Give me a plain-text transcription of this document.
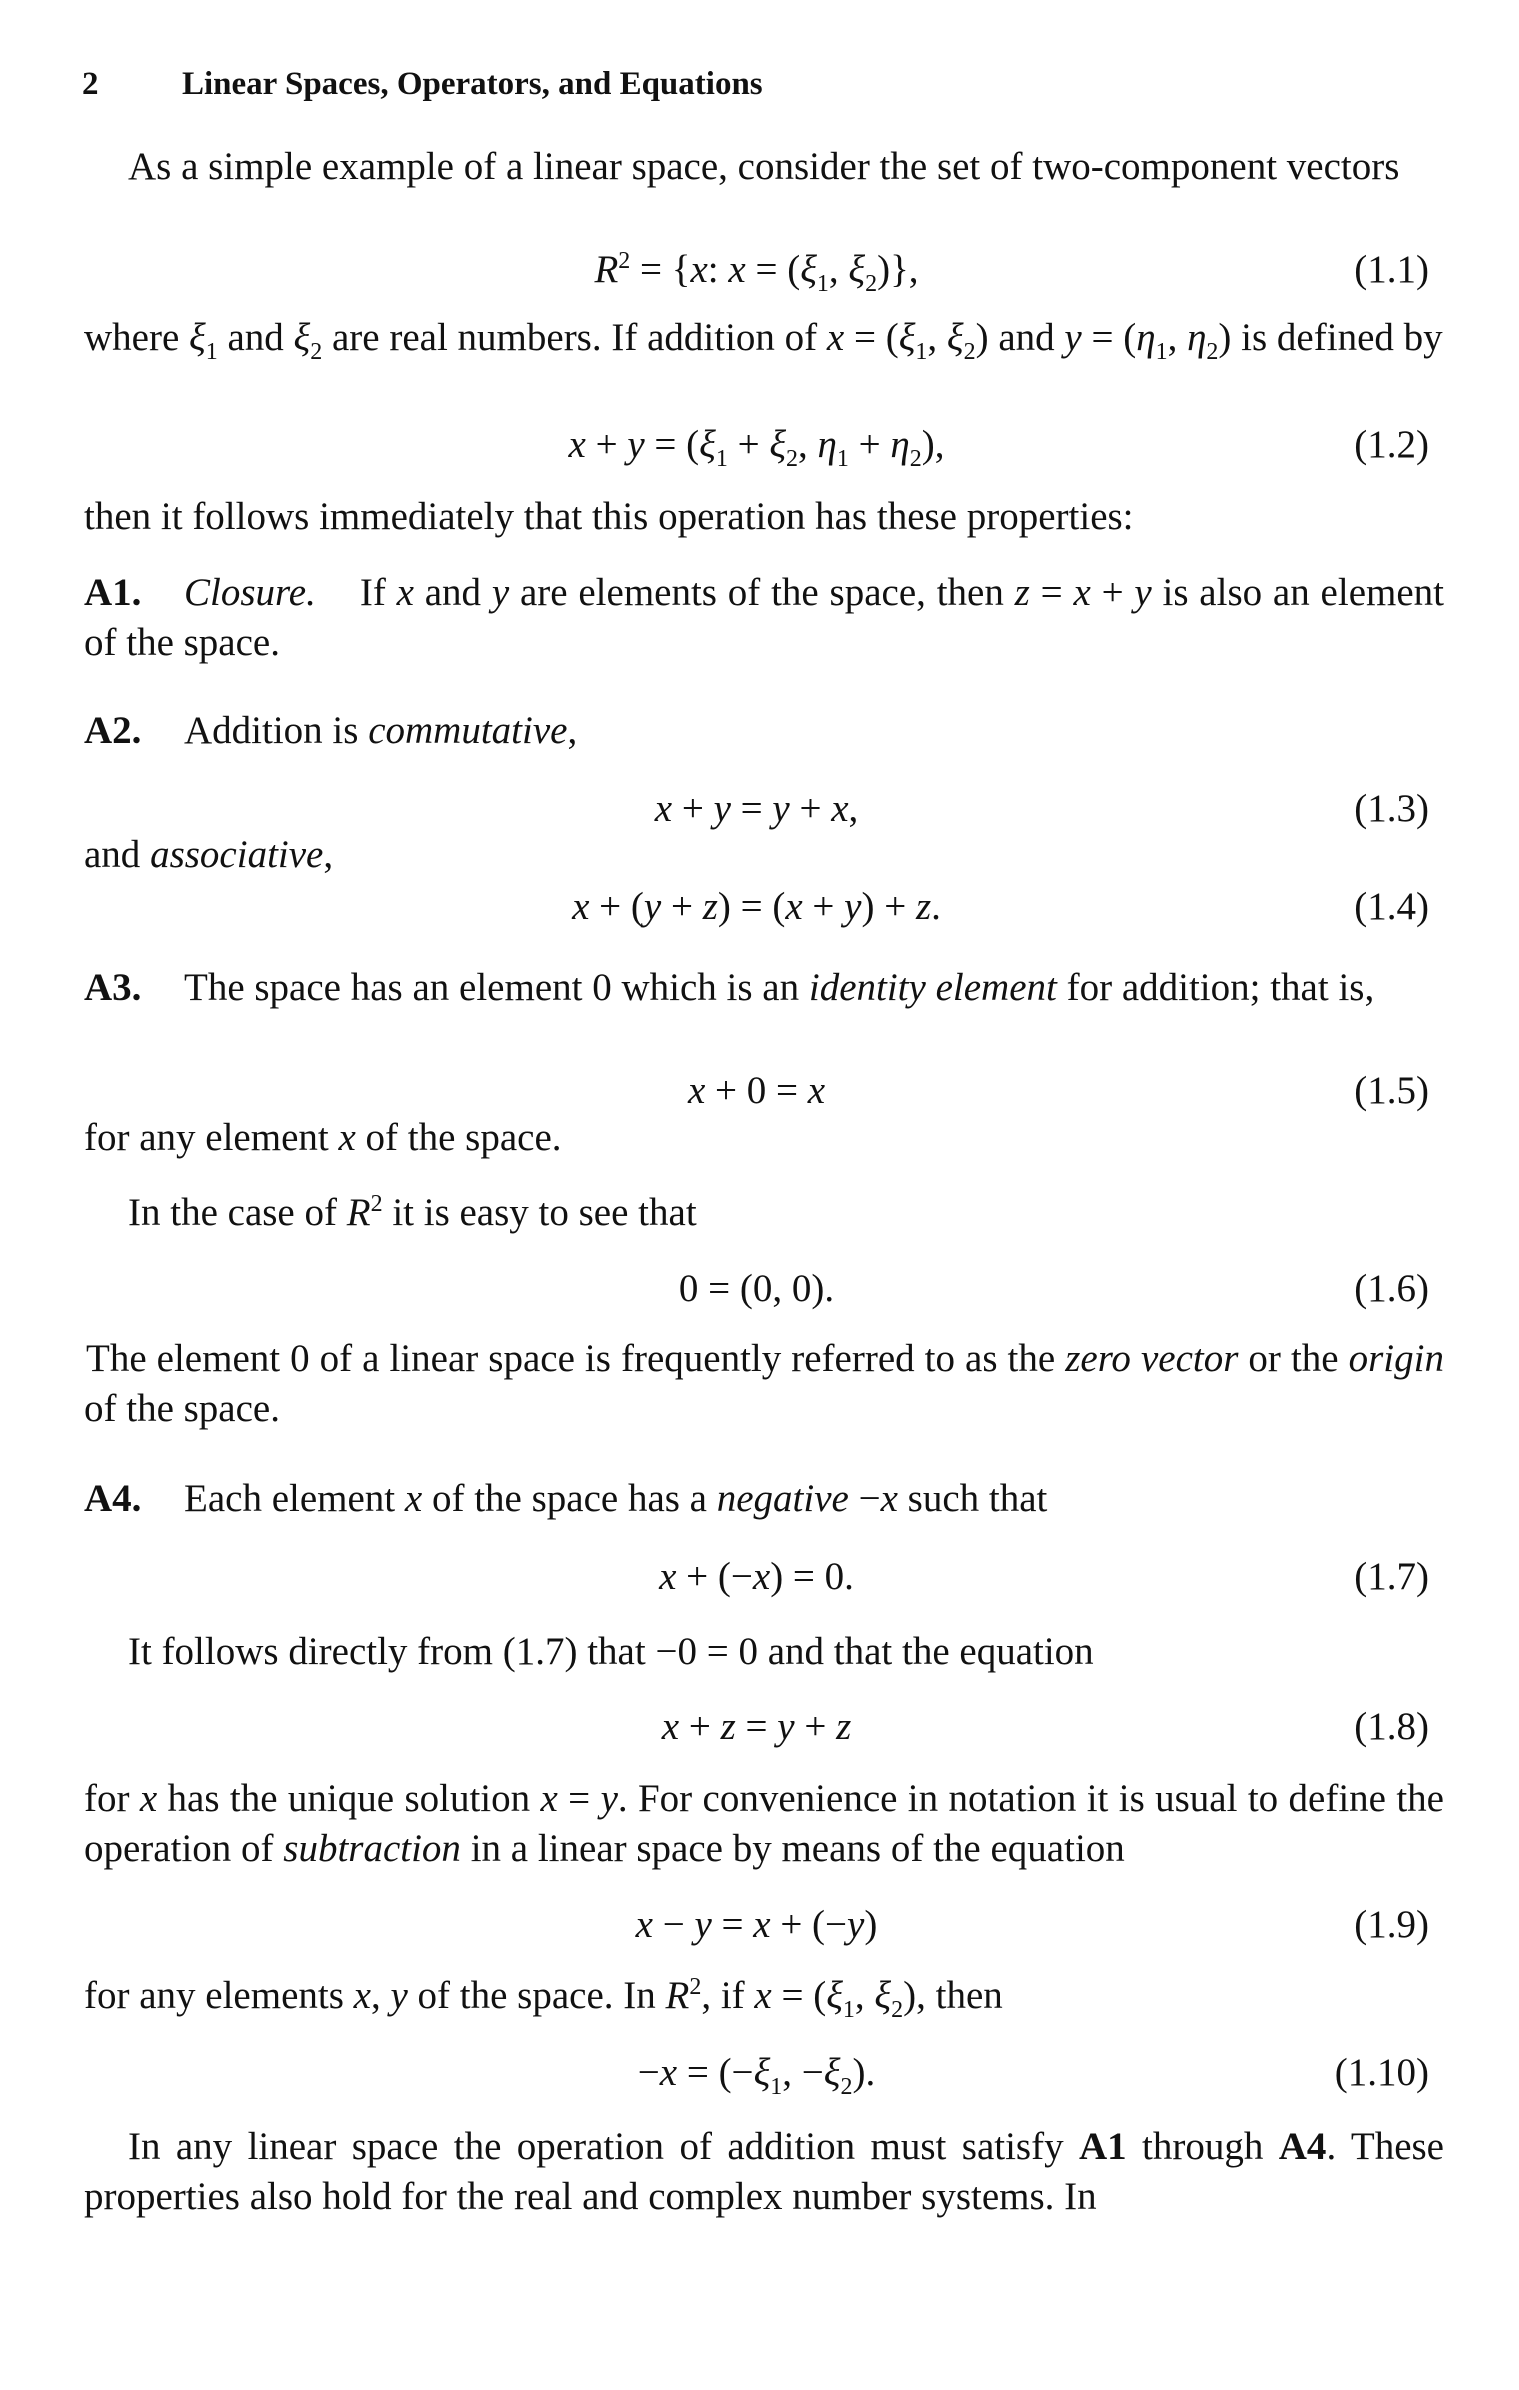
2	Linear Spaces, Operators, and Equations
As a simple example of a linear space, consider the set of two-component vectors
$R^2 = \{x$: $x = (\xi_1$, $\xi_2$)},	(1.1)
where $\xi_1$ and $\xi_2$ are real numbers. If addition of $x = (\xi_1$, $\xi_2$) and $y = (\eta_1$, $\eta_2$) is defined by
$x + y = (\xi_1 + \xi_2$, $\eta_1 + \eta_2$),	(1.2)
then it follows immediately that this operation has these properties:
A1. Closure. If x and y are elements of the space, then z = x + y is also an element of the space.
A2. Addition is commutative,
x + y = y + x,	(1.3)
and associative,
x + (y + z) = (x + y) + z.	(1.4)
A3. The space has an element 0 which is an identity element for addition; that is,
x + 0 = x	(1.5)
for any element x of the space.
In the case of $R^2$ it is easy to see that
0 = (0, 0).	(1.6)
The element 0 of a linear space is frequently referred to as the zero vector or the origin of the space.
A4. Each element x of the space has a negative −x such that
x + (−x) = 0.	(1.7)
It follows directly from (1.7) that −0 = 0 and that the equation
x + z = y + z	(1.8)
for x has the unique solution x = y. For convenience in notation it is usual to define the operation of subtraction in a linear space by means of the equation
x − y = x + (−y)	(1.9)
for any elements x, y of the space. In $R^2$, if $x = (\xi_1$, $\xi_2$), then
$-x = (-\xi_1$, $-\xi_2$).	(1.10)
In any linear space the operation of addition must satisfy A1 through A4. These properties also hold for the real and complex number systems. In
